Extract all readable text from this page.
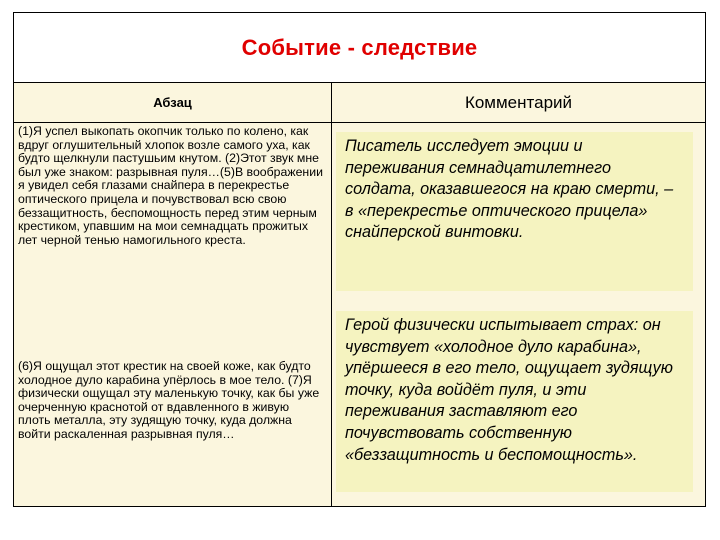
Событие - следствие
Абзац	Комментарий

(1)Я успел выкопать окопчик только по колено, как вдруг оглушительный хлопок возле самого уха, как будто щелкнули пастушьим кнутом. (2)Этот звук мне был уже знаком: разрывная пуля…(5)В воображении я увидел себя глазами снайпера в перекрестье оптического прицела и почувствовал всю свою беззащитность, беспомощность перед этим черным крестиком, упавшим на мои семнадцать прожитых лет черной тенью намогильного креста.

(6)Я ощущал этот крестик на своей коже, как будто холодное дуло карабина упёрлось в мое тело. (7)Я физически ощущал эту маленькую точку, как бы уже очерченную краснотой от вдавленного в живую плоть металла, эту зудящую точку, куда должна войти раскаленная разрывная пуля…

Писатель исследует эмоции и переживания семнадцатилетнего солдата, оказавшегося на краю смерти, – в «перекрестье оптического прицела» снайперской винтовки.

Герой физически испытывает страх: он чувствует «холодное дуло карабина», упёршееся в его тело, ощущает зудящую точку, куда войдёт пуля, и эти переживания заставляют его почувствовать собственную «беззащитность и беспомощность».
